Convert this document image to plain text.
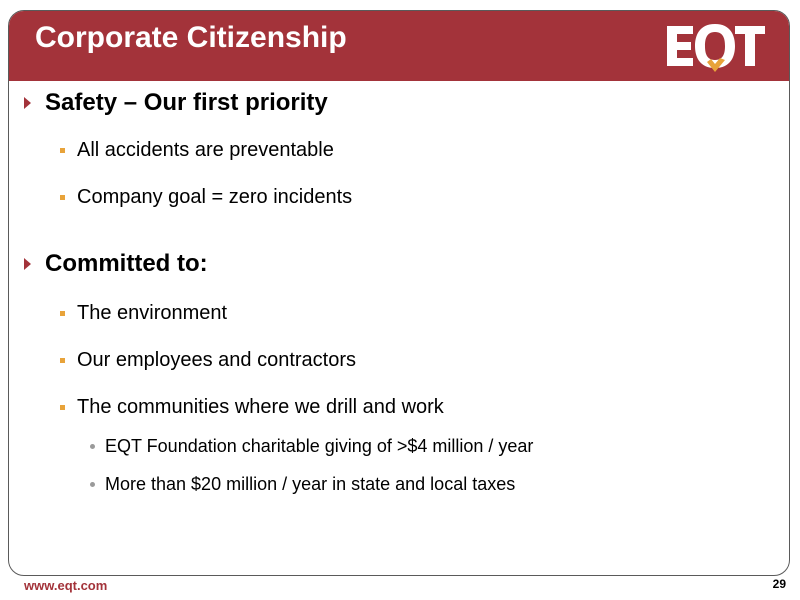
Corporate Citizenship
Safety – Our first priority
All accidents are preventable
Company goal = zero incidents
Committed to:
The environment
Our employees and contractors
The communities where we drill and work
EQT Foundation charitable giving of >$4 million / year
More than $20 million / year in state and local taxes
www.eqt.com	29
